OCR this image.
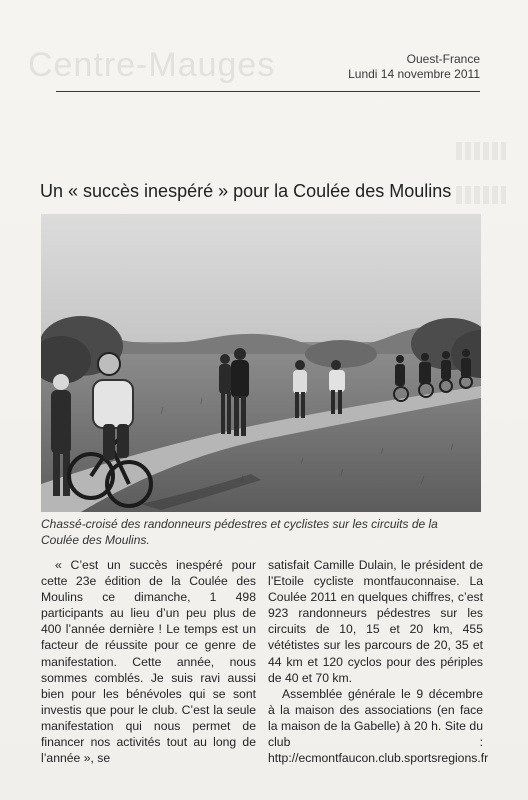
Centre-Mauges	Ouest-France
Lundi 14 novembre 2011
Un « succès inespéré » pour la Coulée des Moulins
Chassé-croisé des randonneurs pédestres et cyclistes sur les circuits de la
Coulée des Moulins.

« C’est un succès inespéré pour cette 23e édition de la Coulée des Moulins ce dimanche, 1 498 participants au lieu d’un peu plus de 400 l’année dernière ! Le temps est un facteur de réussite pour ce genre de manifestation. Cette année, nous sommes comblés. Je suis ravi aussi bien pour les bénévoles qui se sont investis que pour le club. C’est la seule manifestation qui nous permet de financer nos activités tout au long de l’année », se

satisfait Camille Dulain, le président de l’Etoile cycliste montfauconnaise. La Coulée 2011 en quelques chiffres, c’est 923 randonneurs pédestres sur les circuits de 10, 15 et 20 km, 455 vététistes sur les parcours de 20, 35 et 44 km et 120 cyclos pour des périples de 40 et 70 km.

Assemblée générale le 9 décembre à la maison des associations (en face la maison de la Gabelle) à 20 h. Site du club : http://ecmontfaucon.club.sportsregions.fr
